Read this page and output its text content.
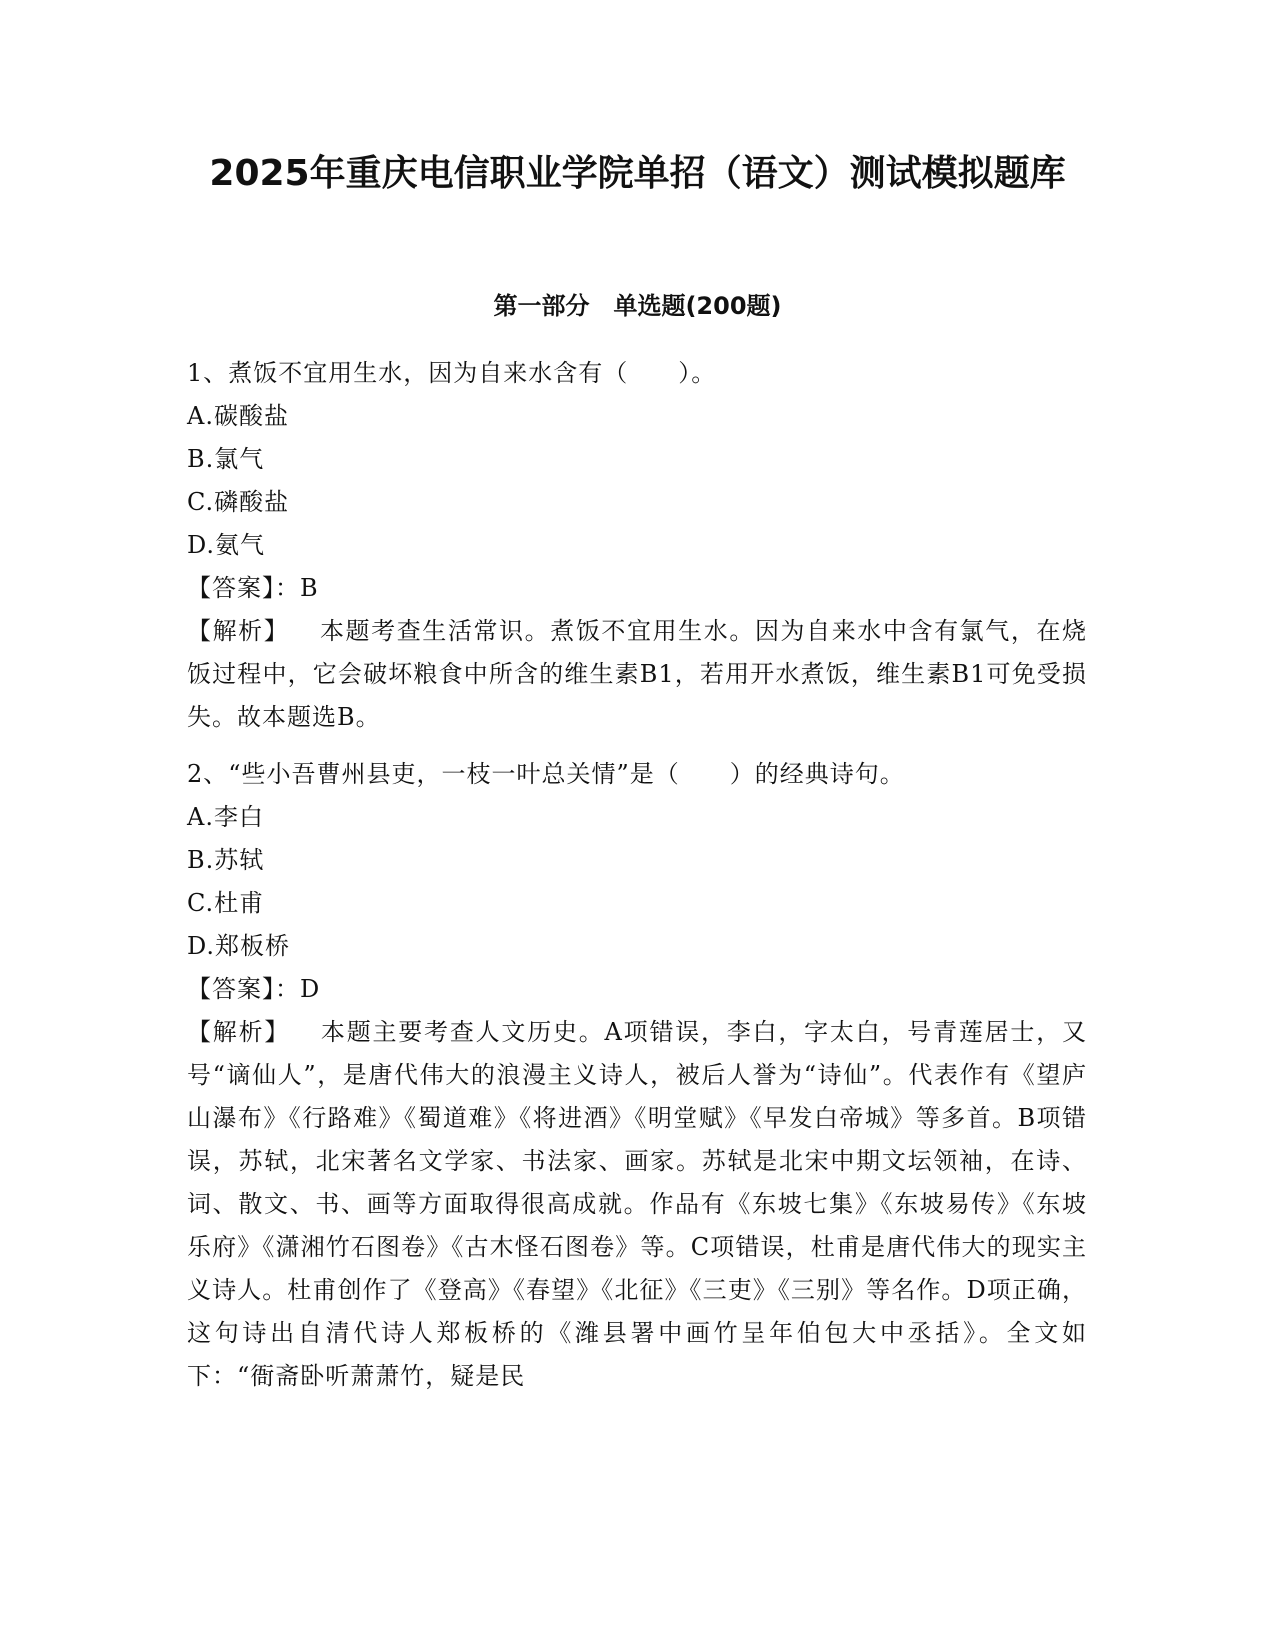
2025年重庆电信职业学院单招（语文）测试模拟题库
第一部分　单选题(200题)
1、煮饭不宜用生水，因为自来水含有（　　）。
A.碳酸盐
B.氯气
C.磷酸盐
D.氨气
【答案】：B
【解析】 本题考查生活常识。煮饭不宜用生水。因为自来水中含有氯气，在烧饭过程中，它会破坏粮食中所含的维生素B1，若用开水煮饭，维生素B1可免受损失。故本题选B。
2、“些小吾曹州县吏，一枝一叶总关情”是（　　）的经典诗句。
A.李白
B.苏轼
C.杜甫
D.郑板桥
【答案】：D
【解析】 本题主要考查人文历史。A项错误，李白，字太白，号青莲居士，又号“谪仙人”，是唐代伟大的浪漫主义诗人，被后人誉为“诗仙”。代表作有《望庐山瀑布》《行路难》《蜀道难》《将进酒》《明堂赋》《早发白帝城》等多首。B项错误，苏轼，北宋著名文学家、书法家、画家。苏轼是北宋中期文坛领袖，在诗、词、散文、书、画等方面取得很高成就。作品有《东坡七集》《东坡易传》《东坡乐府》《潇湘竹石图卷》《古木怪石图卷》等。C项错误，杜甫是唐代伟大的现实主义诗人。杜甫创作了《登高》《春望》《北征》《三吏》《三别》等名作。D项正确，这句诗出自清代诗人郑板桥的《潍县署中画竹呈年伯包大中丞括》。全文如下：“衙斋卧听萧萧竹，疑是民
